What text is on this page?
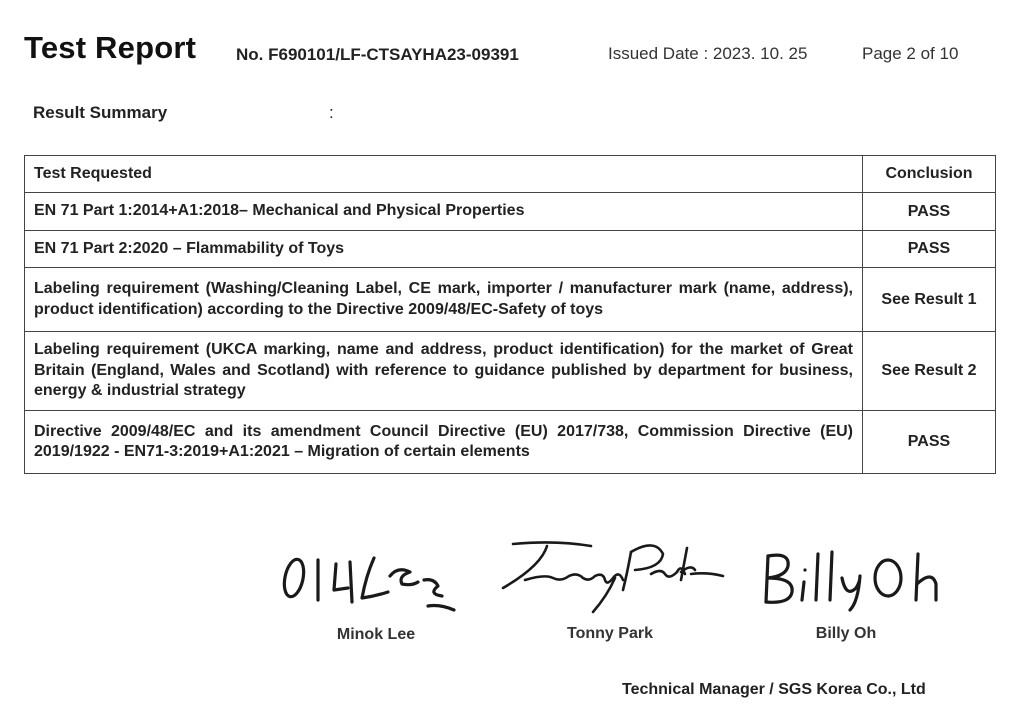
Test Report No. F690101/LF-CTSAYHA23-09391	Issued Date : 2023. 10. 25	Page 2 of 10
Result Summary	:
Test Requested	Conclusion
EN 71 Part 1:2014+A1:2018– Mechanical and Physical Properties	PASS
EN 71 Part 2:2020 – Flammability of Toys	PASS
Labeling requirement (Washing/Cleaning Label, CE mark, importer / manufacturer mark (name, address), product identification) according to the Directive 2009/48/EC-Safety of toys	See Result 1
Labeling requirement (UKCA marking, name and address, product identification) for the market of Great Britain (England, Wales and Scotland) with reference to guidance published by department for business, energy & industrial strategy	See Result 2
Directive 2009/48/EC and its amendment Council Directive (EU) 2017/738, Commission Directive (EU) 2019/1922 - EN71-3:2019+A1:2021 – Migration of certain elements	PASS
Minok Lee	Tonny Park	Billy Oh
Technical Manager / SGS Korea Co., Ltd
